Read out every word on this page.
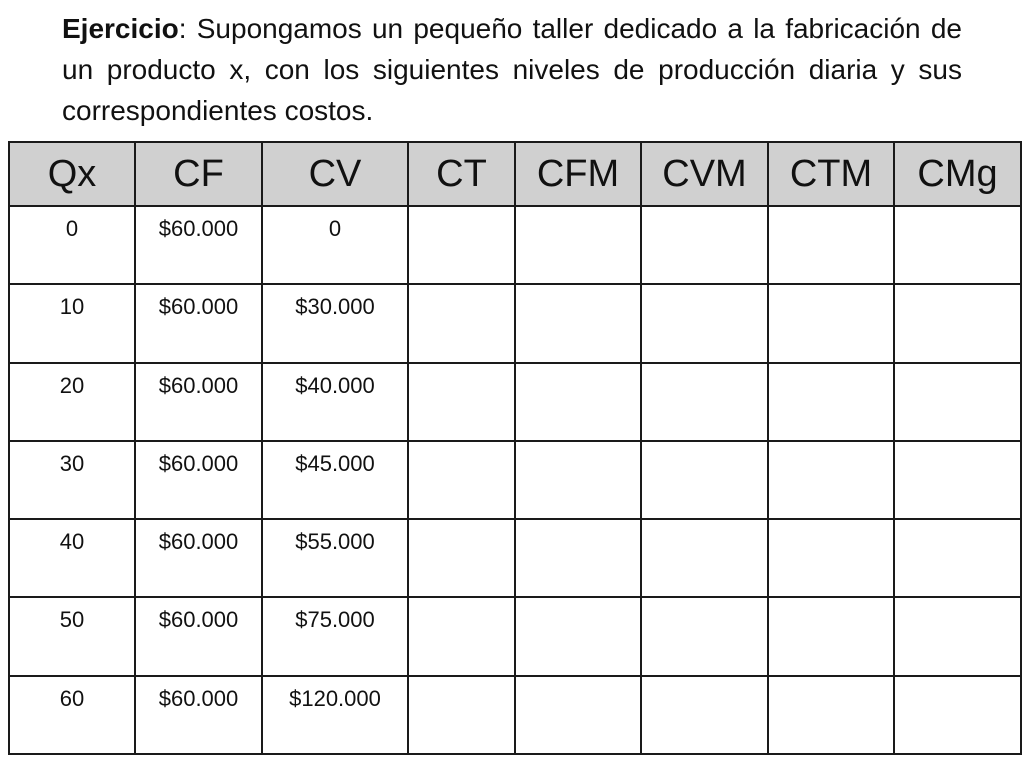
Ejercicio: Supongamos un pequeño taller dedicado a la fabricación de un producto x, con los siguientes niveles de producción diaria y sus correspondientes costos.

Qx	CF	CV	CT	CFM	CVM	CTM	CMg
0	$60.000	0					
10	$60.000	$30.000					
20	$60.000	$40.000					
30	$60.000	$45.000					
40	$60.000	$55.000					
50	$60.000	$75.000					
60	$60.000	$120.000					
